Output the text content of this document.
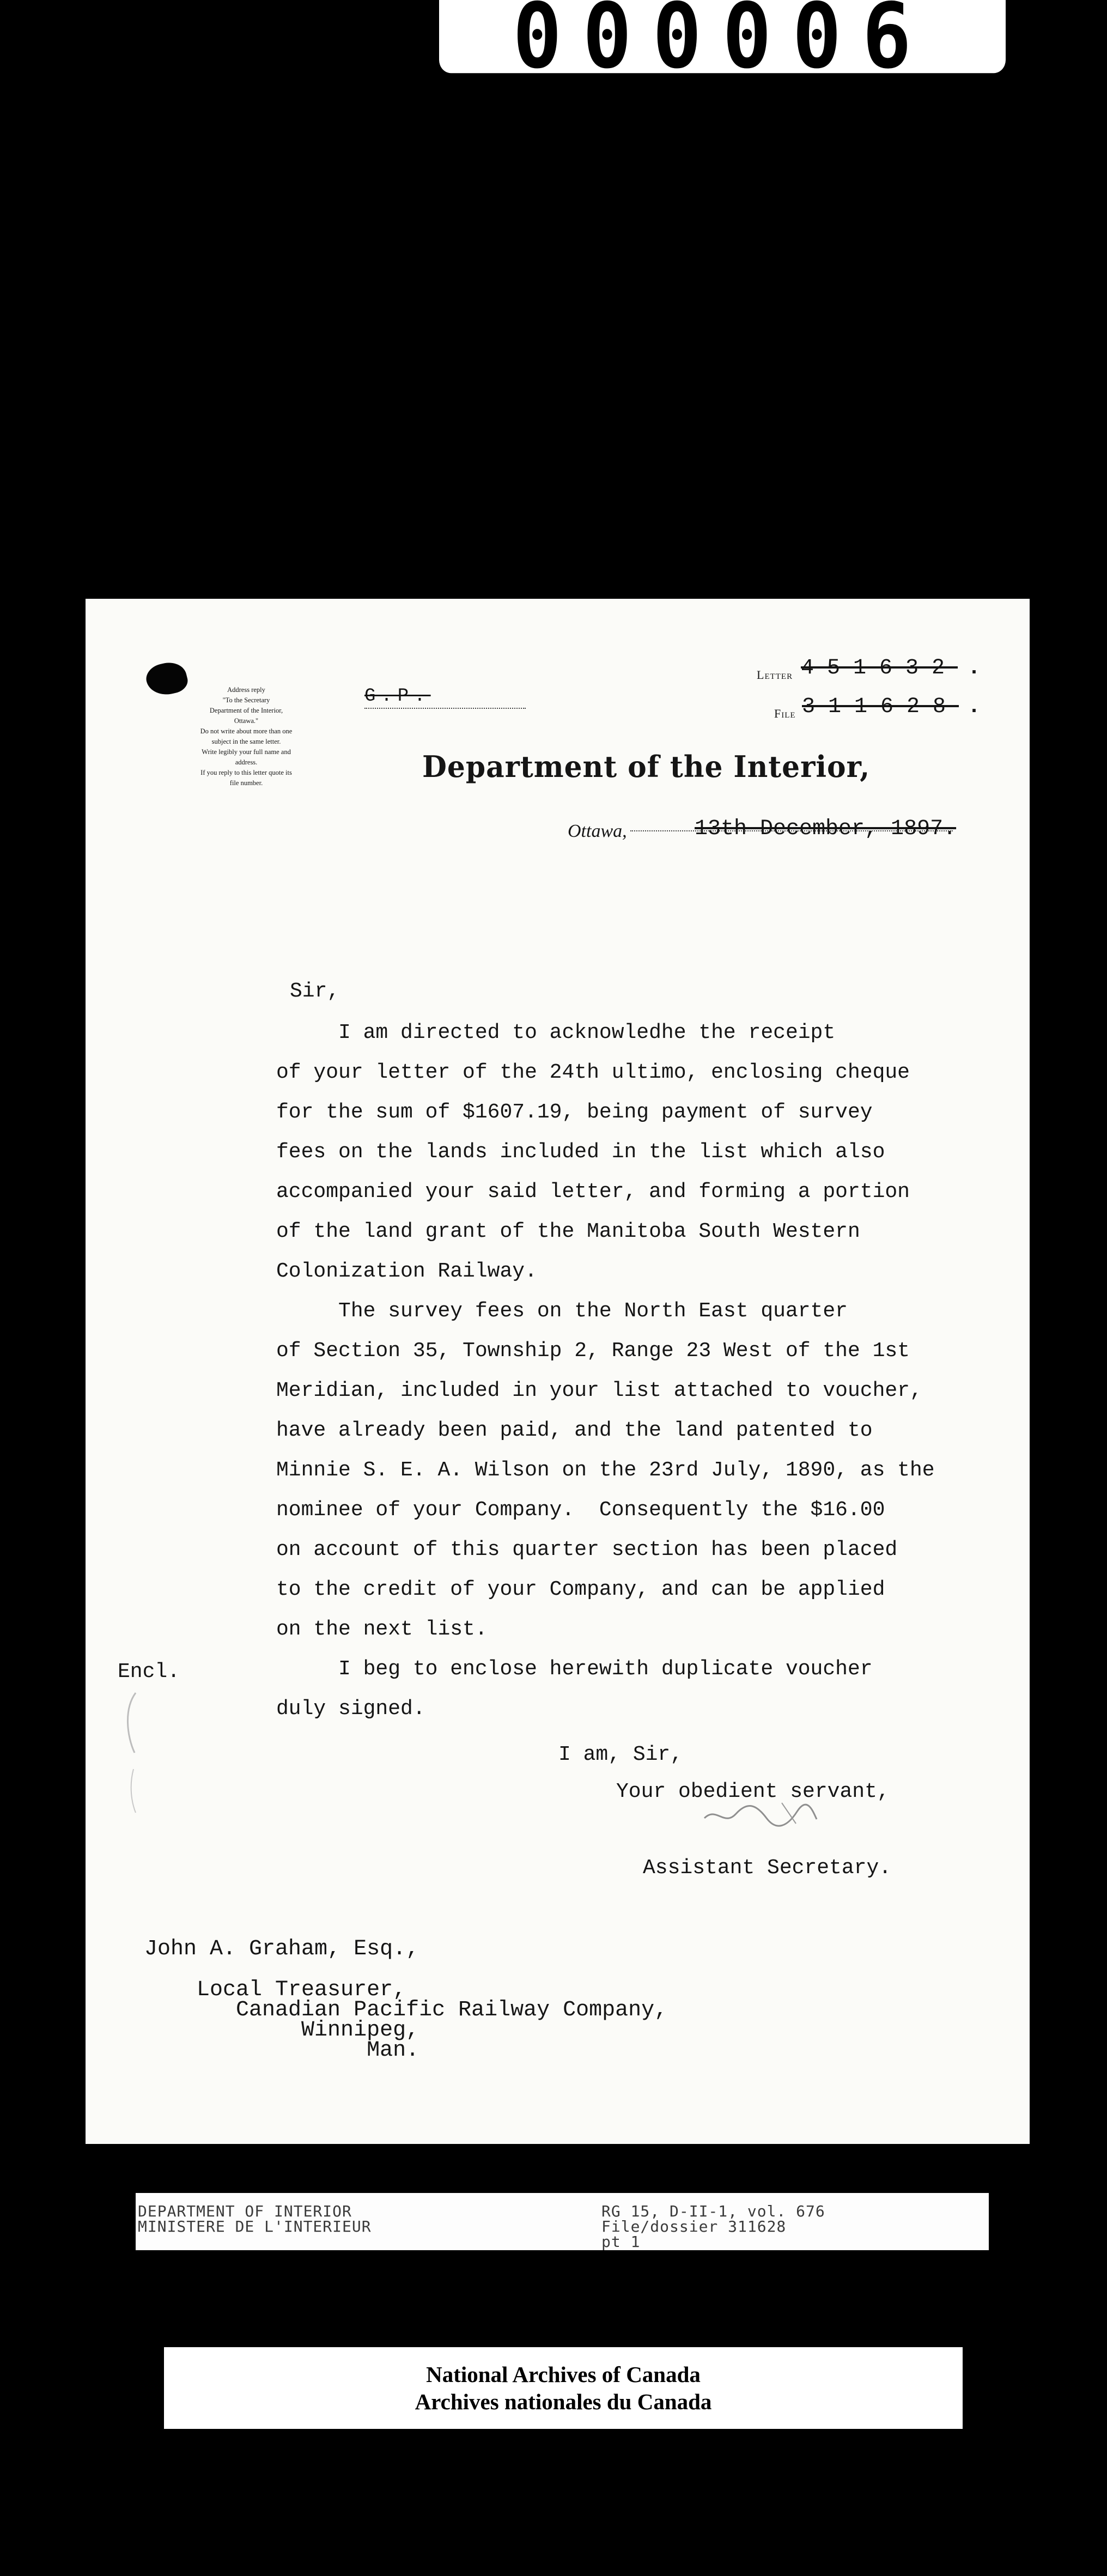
000006
Address reply
"To the Secretary
Department of the Interior,
Ottawa."
Do not write about more than one
subject in the same letter.
Write legibly your full name and
address.
If you reply to this letter quote its
file number.
G.P.
Letter 451632 .
File 311628 .
Department of the Interior,
Ottawa,	13th December, 1897.
Sir,
I am directed to acknowledhe the receipt
of your letter of the 24th ultimo, enclosing cheque
for the sum of $1607.19, being payment of survey
fees on the lands included in the list which also
accompanied your said letter, and forming a portion
of the land grant of the Manitoba South Western
Colonization Railway.
The survey fees on the North East quarter
of Section 35, Township 2, Range 23 West of the 1st
Meridian, included in your list attached to voucher,
have already been paid, and the land patented to
Minnie S. E. A. Wilson on the 23rd July, 1890, as the
nominee of your Company.  Consequently the $16.00
on account of this quarter section has been placed
to the credit of your Company, and can be applied
on the next list.
I beg to enclose herewith duplicate voucher
duly signed.
Encl.
I am, Sir,
Your obedient servant,
Assistant Secretary.
John A. Graham, Esq.,
Local Treasurer,
Canadian Pacific Railway Company,
Winnipeg,
Man.
DEPARTMENT OF INTERIOR
MINISTERE DE L'INTERIEUR
RG 15, D-II-1, vol. 676
File/dossier 311628
pt 1
National Archives of Canada
Archives nationales du Canada
